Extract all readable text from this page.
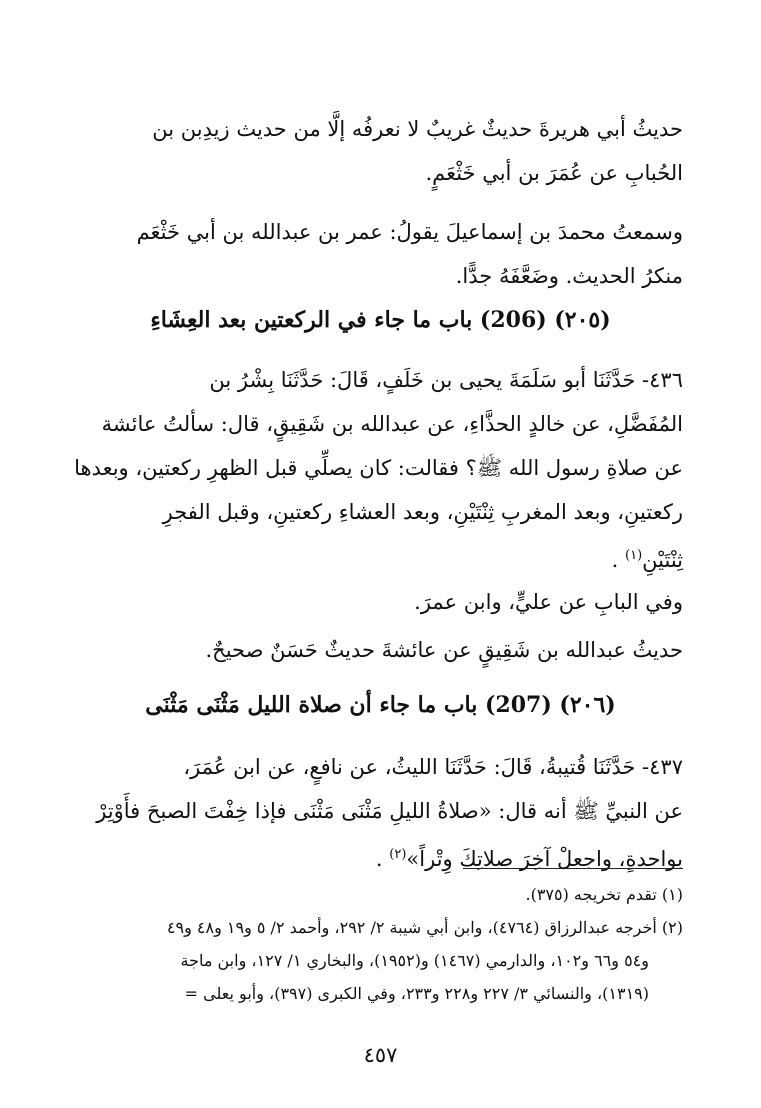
حديثُ أبي هريرةَ حديثٌ غريبٌ لا نعرفُه إلَّا من حديث زيدِبن بن
الحُبابِ عن عُمَرَ بن أبي خَثْعَمٍ.
وسمعتُ محمدَ بن إسماعيلَ يقولُ: عمر بن عبدالله بن أبي خَثْعَم
منكرُ الحديث. وضَعَّفَهُ جدًّا.
(٢٠٥) (206) باب ما جاء في الركعتين بعد العِشَاءِ
٤٣٦- حَدَّثَنَا أبو سَلَمَةَ يحيى بن خَلَفٍ، قَالَ: حَدَّثَنَا بِشْرُ بن
المُفَضَّلِ، عن خالدٍ الحذَّاءِ، عن عبدالله بن شَقِيقٍ، قال: سألتُ عائشة
عن صلاةِ رسول الله ﷺ؟ فقالت: كان يصلِّي قبل الظهرِ ركعتين، وبعدها
ركعتينِ، وبعد المغربِ ثِنْتَيْنِ، وبعد العشاءِ ركعتينِ، وقبل الفجرِ
ثِنْتَيْنِ$^{(١)}$ .
وفي البابِ عن عليٍّ، وابن عمرَ.
حديثُ عبدالله بن شَقِيقٍ عن عائشةَ حديثٌ حَسَنٌ صحيحٌ.
(٢٠٦) (207) باب ما جاء أن صلاة الليل مَثْنَى مَثْنَى
٤٣٧- حَدَّثَنَا قُتيبةُ، قَالَ: حَدَّثَنَا الليثُ، عن نافعٍ، عن ابن عُمَرَ،
عن النبيِّ ﷺ أنه قال: «صلاةُ الليلِ مَثْنَى مَثْنَى فإذا خِفْتَ الصبحَ فأَوْتِرْ
بواحدةٍ، واجعلْ آخِرَ صلاتِكَ وِتْراً»$^{(٢)}$ .
(١) تقدم تخريجه (٣٧٥).
(٢) أخرجه عبدالرزاق (٤٧٦٤)، وابن أبي شيبة ٢/ ٢٩٢، وأحمد ٢/ ٥ و١٩ و٤٨ و٤٩
و٥٤ و٦٦ و١٠٢، والدارمي (١٤٦٧) و(١٩٥٢)، والبخاري ١/ ١٢٧، وابن ماجة
(١٣١٩)، والنسائي ٣/ ٢٢٧ و٢٢٨ و٢٣٣، وفي الكبرى (٣٩٧)، وأبو يعلى =
٤٥٧
